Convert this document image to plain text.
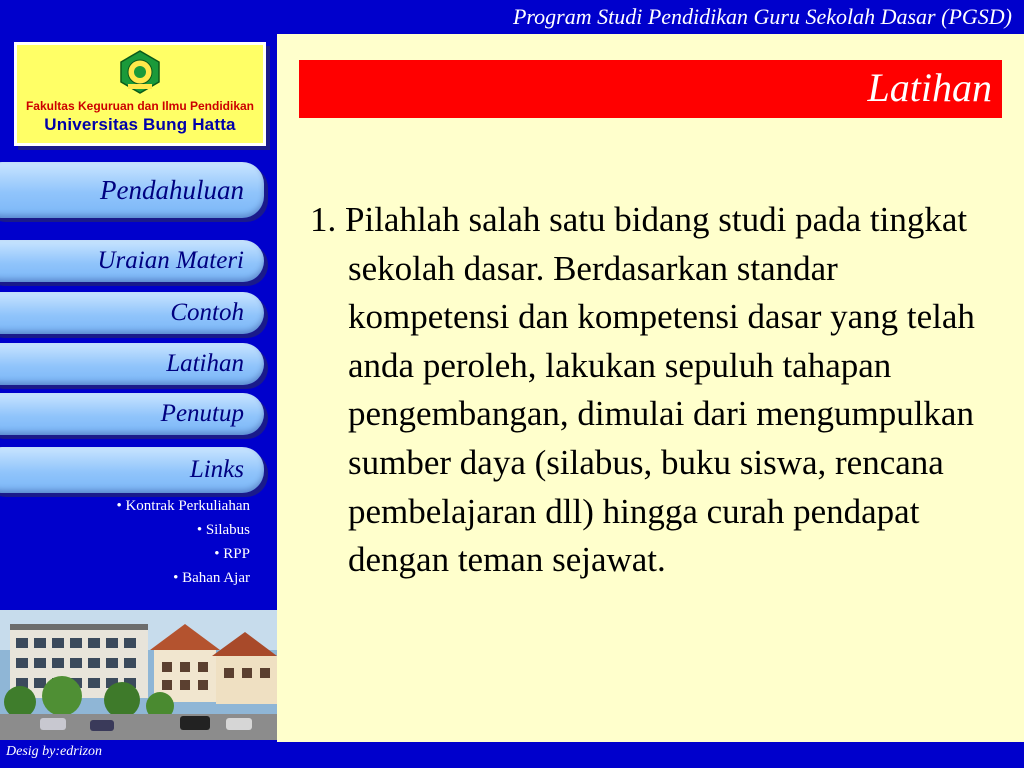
Fakultas Keguruan dan Ilmu Pendidikan
Universitas Bung Hatta
Pendahuluan
Uraian Materi
Contoh
Latihan
Penutup
Links
• Kontrak Perkuliahan
• Silabus
• RPP
• Bahan Ajar
Desig by:edrizon
Program Studi Pendidikan Guru Sekolah Dasar (PGSD)
Latihan
1. Pilahlah salah satu bidang studi pada tingkat sekolah dasar. Berdasarkan standar kompetensi dan kompetensi dasar yang telah anda peroleh, lakukan sepuluh tahapan pengembangan, dimulai dari mengumpulkan sumber daya (silabus, buku siswa, rencana pembelajaran dll) hingga curah pendapat dengan teman sejawat.
